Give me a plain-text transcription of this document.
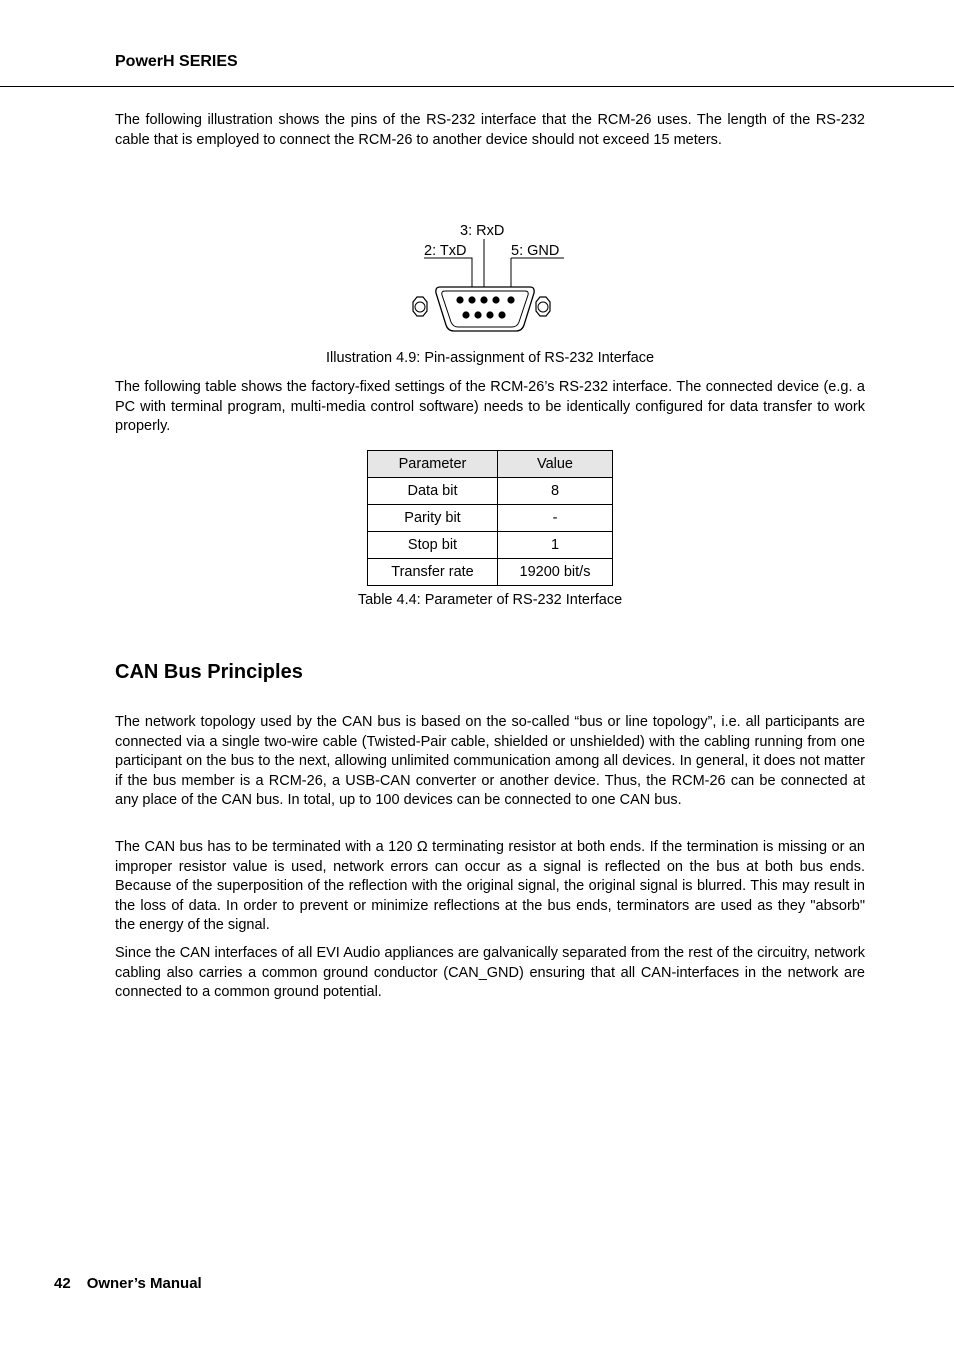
PowerH SERIES

The following illustration shows the pins of the RS-232 interface that the RCM-26 uses. The length of the RS-232 cable that is employed to connect the RCM-26 to another device should not exceed 15 meters.

3: RxD
2: TxD	5: GND
Illustration 4.9: Pin-assignment of RS-232 Interface

The following table shows the factory-fixed settings of the RCM-26’s RS-232 interface. The connected device (e.g. a PC with terminal program, multi-media control software) needs to be identically configured for data transfer to work properly.

Parameter	Value
Data bit	8
Parity bit	-
Stop bit	1
Transfer rate	19200 bit/s
Table 4.4: Parameter of RS-232 Interface
CAN Bus Principles

The network topology used by the CAN bus is based on the so-called “bus or line topology”, i.e. all participants are connected via a single two-wire cable (Twisted-Pair cable, shielded or unshielded) with the cabling running from one participant on the bus to the next, allowing unlimited communication among all devices. In general, it does not matter if the bus member is a RCM-26, a USB-CAN converter or another device. Thus, the RCM-26 can be connected at any place of the CAN bus. In total, up to 100 devices can be connected to one CAN bus.

The CAN bus has to be terminated with a 120 Ω terminating resistor at both ends. If the termination is missing or an improper resistor value is used, network errors can occur as a signal is reflected on the bus at both bus ends. Because of the superposition of the reflection with the original signal, the original signal is blurred. This may result in the loss of data. In order to prevent or minimize reflections at the bus ends, terminators are used as they "absorb" the energy of the signal.

Since the CAN interfaces of all EVI Audio appliances are galvanically separated from the rest of the circuitry, network cabling also carries a common ground conductor (CAN_GND) ensuring that all CAN-interfaces in the network are connected to a common ground potential.

42 Owner’s Manual
